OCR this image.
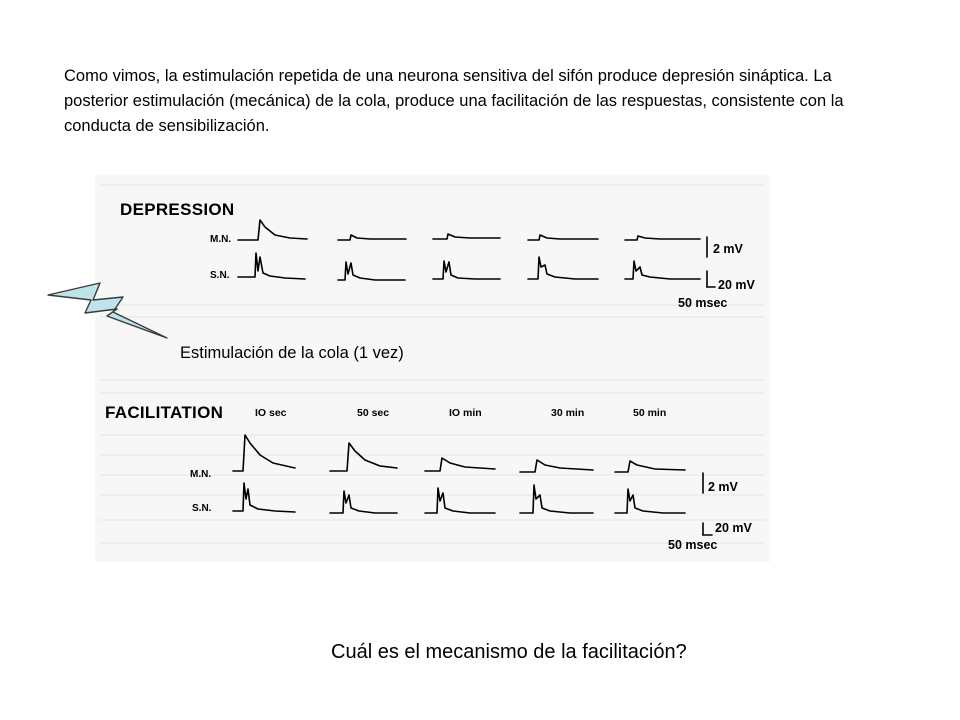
Como vimos, la estimulación repetida de una neurona sensitiva del sifón produce depresión sináptica. La posterior estimulación (mecánica) de la cola, produce una facilitación de las respuestas, consistente con la conducta de sensibilización.

DEPRESSION
M.N.
S.N.
2 mV
20 mV
50 msec
FACILITATION	IO sec	50 sec	IO min	30 min	50 min
M.N.
S.N.
2 mV
20 mV
50 msec

Estimulación de la cola (1 vez)

Cuál es el mecanismo de la facilitación?
